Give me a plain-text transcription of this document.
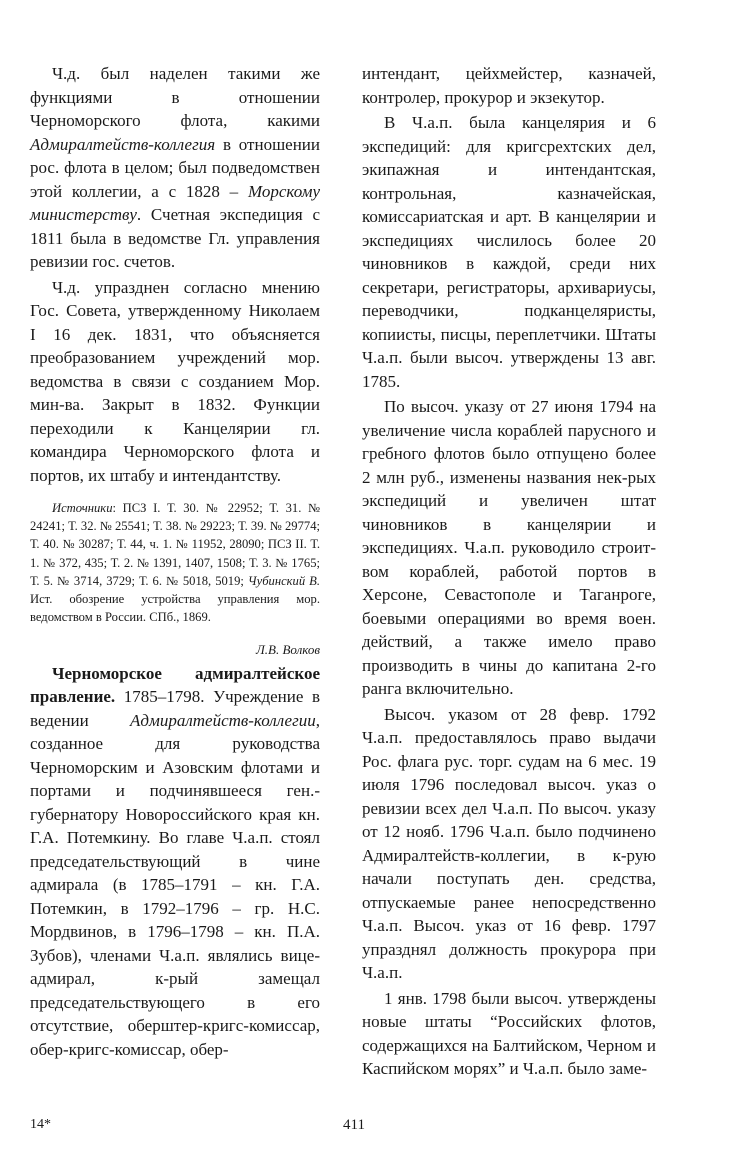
Ч.д. был наделен такими же функциями в отношении Черноморского флота, какими Адмиралтейств-коллегия в отношении рос. флота в целом; был подведомствен этой коллегии, а с 1828 – Морскому министерству. Счетная экспедиция с 1811 была в ведомстве Гл. управления ревизии гос. счетов.

Ч.д. упразднен согласно мнению Гос. Совета, утвержденному Николаем I 16 дек. 1831, что объясняется преобразованием учреждений мор. ведомства в связи с созданием Мор. мин-ва. Закрыт в 1832. Функции переходили к Канцелярии гл. командира Черноморского флота и портов, их штабу и интендантству.

Источники: ПСЗ I. Т. 30. № 22952; Т. 31. № 24241; Т. 32. № 25541; Т. 38. № 29223; Т. 39. № 29774; Т. 40. № 30287; Т. 44, ч. 1. № 11952, 28090; ПСЗ II. Т. 1. № 372, 435; Т. 2. № 1391, 1407, 1508; Т. 3. № 1765; Т. 5. № 3714, 3729; Т. 6. № 5018, 5019; Чубинский В. Ист. обозрение устройства управления мор. ведомством в России. СПб., 1869.
Л.В. Волков

Черноморское адмиралтейское правление. 1785–1798. Учреждение в ведении Адмиралтейств-коллегии, созданное для руководства Черноморским и Азовским флотами и портами и подчинявшееся ген.-губернатору Новороссийского края кн. Г.А. Потемкину. Во главе Ч.а.п. стоял председательствующий в чине адмирала (в 1785–1791 – кн. Г.А. Потемкин, в 1792–1796 – гр. Н.С. Мордвинов, в 1796–1798 – кн. П.А. Зубов), членами Ч.а.п. являлись вице-адмирал, к-рый замещал председательствующего в его отсутствие, оберштер-кригс-комиссар, обер-кригс-комиссар, обер-

интендант, цейхмейстер, казначей, контролер, прокурор и экзекутор.

В Ч.а.п. была канцелярия и 6 экспедиций: для кригсрехтских дел, экипажная и интендантская, контрольная, казначейская, комиссариатская и арт. В канцелярии и экспедициях числилось более 20 чиновников в каждой, среди них секретари, регистраторы, архивариусы, переводчики, подканцеляристы, копиисты, писцы, переплетчики. Штаты Ч.а.п. были высоч. утверждены 13 авг. 1785.

По высоч. указу от 27 июня 1794 на увеличение числа кораблей парусного и гребного флотов было отпущено более 2 млн руб., изменены названия нек-рых экспедиций и увеличен штат чиновников в канцелярии и экспедициях. Ч.а.п. руководило строит-вом кораблей, работой портов в Херсоне, Севастополе и Таганроге, боевыми операциями во время воен. действий, а также имело право производить в чины до капитана 2-го ранга включительно.

Высоч. указом от 28 февр. 1792 Ч.а.п. предоставлялось право выдачи Рос. флага рус. торг. судам на 6 мес. 19 июля 1796 последовал высоч. указ о ревизии всех дел Ч.а.п. По высоч. указу от 12 нояб. 1796 Ч.а.п. было подчинено Адмиралтейств-коллегии, в к-рую начали поступать ден. средства, отпускаемые ранее непосредственно Ч.а.п. Высоч. указ от 16 февр. 1797 упразднял должность прокурора при Ч.а.п.

1 янв. 1798 были высоч. утверждены новые штаты “Российских флотов, содержащихся на Балтийском, Черном и Каспийском морях” и Ч.а.п. было заме-

14*	411
